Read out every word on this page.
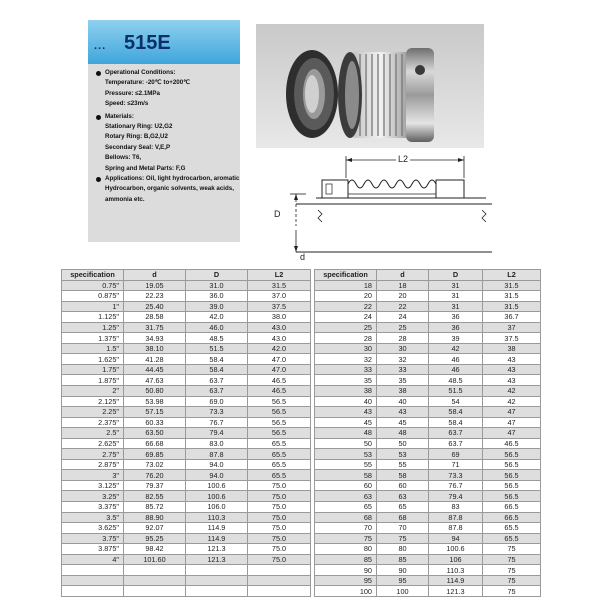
... 515E
Operational Conditions:
Temperature: -20℃ to+200℃
Pressure: ≤2.1MPa
Speed: ≤23m/s
Materials:
Stationary Ring: U2,G2
Rotary Ring: B,G2,U2
Secondary Seal: V,E,P
Bellows: T6,
Spring and Metal Parts: F,G
Applications: Oil, light hydrocarbon, aromatic
Hydrocarbon, organic solvents, weak acids,
ammonia etc.
L2
D
d
specification	d	D	L2
0.75"	19.05	31.0	31.5
0.875"	22.23	36.0	37.0
1"	25.40	39.0	37.5
1.125"	28.58	42.0	38.0
1.25"	31.75	46.0	43.0
1.375"	34.93	48.5	43.0
1.5"	38.10	51.5	42.0
1.625"	41.28	58.4	47.0
1.75"	44.45	58.4	47.0
1.875"	47.63	63.7	46.5
2"	50.80	63.7	46.5
2.125"	53.98	69.0	56.5
2.25"	57.15	73.3	56.5
2.375"	60.33	76.7	56.5
2.5"	63.50	79.4	56.5
2.625"	66.68	83.0	65.5
2.75"	69.85	87.8	65.5
2.875"	73.02	94.0	65.5
3"	76.20	94.0	65.5
3.125"	79.37	100.6	75.0
3.25"	82.55	100.6	75.0
3.375"	85.72	106.0	75.0
3.5"	88.90	110.3	75.0
3.625"	92.07	114.9	75.0
3.75"	95.25	114.9	75.0
3.875"	98.42	121.3	75.0
4"	101.60	121.3	75.0

specification	d	D	L2
18	18	31	31.5
20	20	31	31.5
22	22	31	31.5
24	24	36	36.7
25	25	36	37
28	28	39	37.5
30	30	42	38
32	32	46	43
33	33	46	43
35	35	48.5	43
38	38	51.5	42
40	40	54	42
43	43	58.4	47
45	45	58.4	47
48	48	63.7	47
50	50	63.7	46.5
53	53	69	56.5
55	55	71	56.5
58	58	73.3	56.5
60	60	76.7	56.5
63	63	79.4	56.5
65	65	83	66.5
68	68	87.8	66.5
70	70	87.8	65.5
75	75	94	65.5
80	80	100.6	75
85	85	106	75
90	90	110.3	75
95	95	114.9	75
100	100	121.3	75
